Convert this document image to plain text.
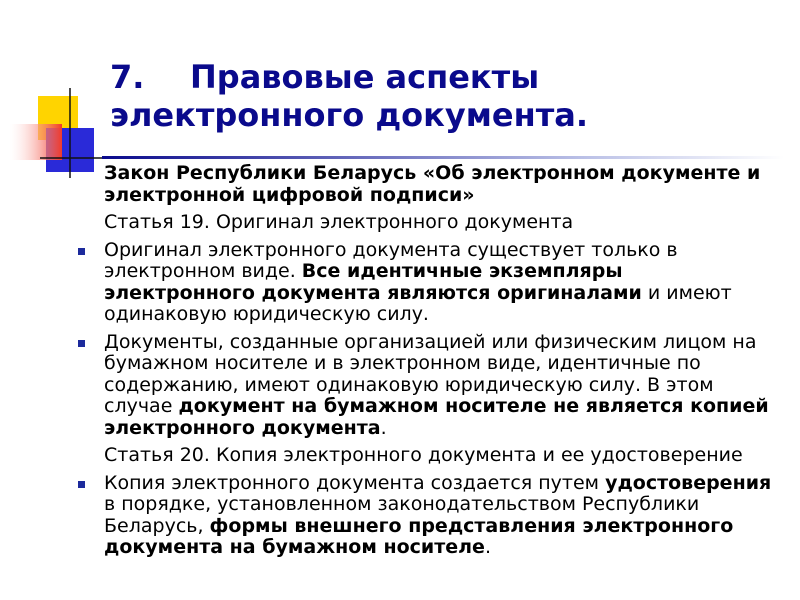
7. Правовые аспекты
электронного документа.

Закон Республики Беларусь «Об электронном документе и электронной цифровой подписи»

Статья 19. Оригинал электронного документа

Оригинал электронного документа существует только в электронном виде. Все идентичные экземпляры электронного документа являются оригиналами и имеют одинаковую юридическую силу.

Документы, созданные организацией или физическим лицом на бумажном носителе и в электронном виде, идентичные по содержанию, имеют одинаковую юридическую силу. В этом случае документ на бумажном носителе не является копией электронного документа.

Статья 20. Копия электронного документа и ее удостоверение

Копия электронного документа создается путем удостоверения в порядке, установленном законодательством Республики Беларусь, формы внешнего представления электронного документа на бумажном носителе.
